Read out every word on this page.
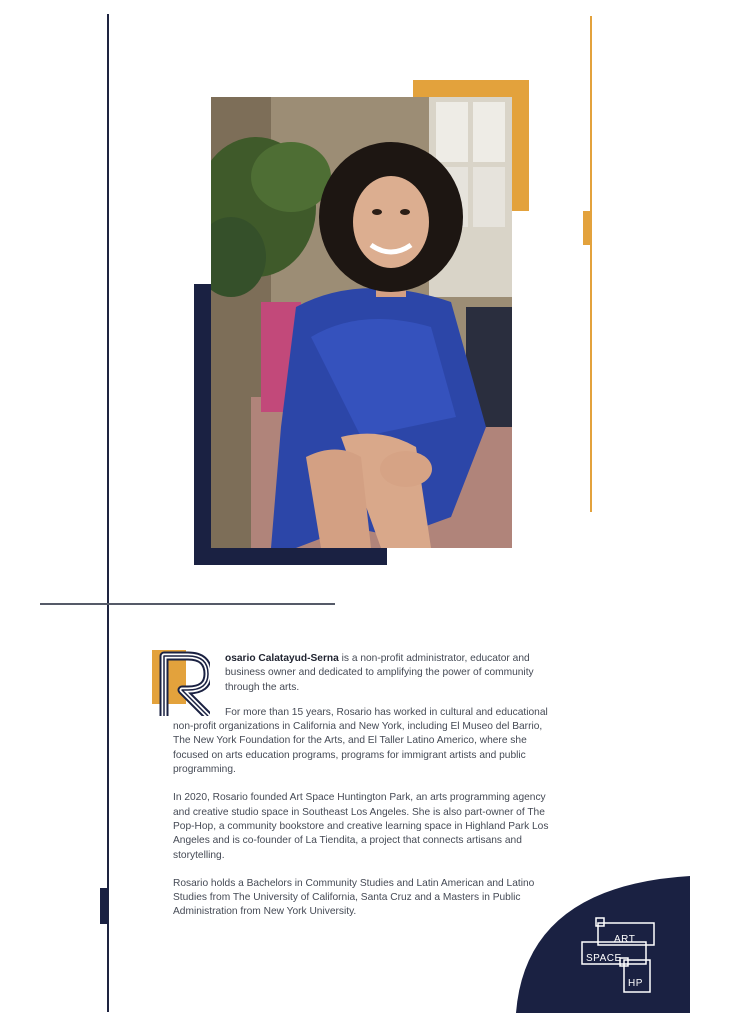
osario Calatayud-Serna is a non-profit administrator, educator and business owner and dedicated to amplifying the power of community through the arts.

For more than 15 years, Rosario has worked in cultural and educational non-profit organizations in California and New York, including El Museo del Barrio, The New York Foundation for the Arts, and El Taller Latino Americo, where she focused on arts education programs, programs for immigrant artists and public programming.

In 2020, Rosario founded Art Space Huntington Park, an arts programming agency and creative studio space in Southeast Los Angeles. She is also part-owner of The Pop-Hop, a community bookstore and creative learning space in Highland Park Los Angeles and is co-founder of La Tiendita, a project that connects artisans and storytelling.

Rosario holds a Bachelors in Community Studies and Latin American and Latino Studies from The University of California, Santa Cruz and a Masters in Public Administration from New York University.

ART
SPACE
HP
